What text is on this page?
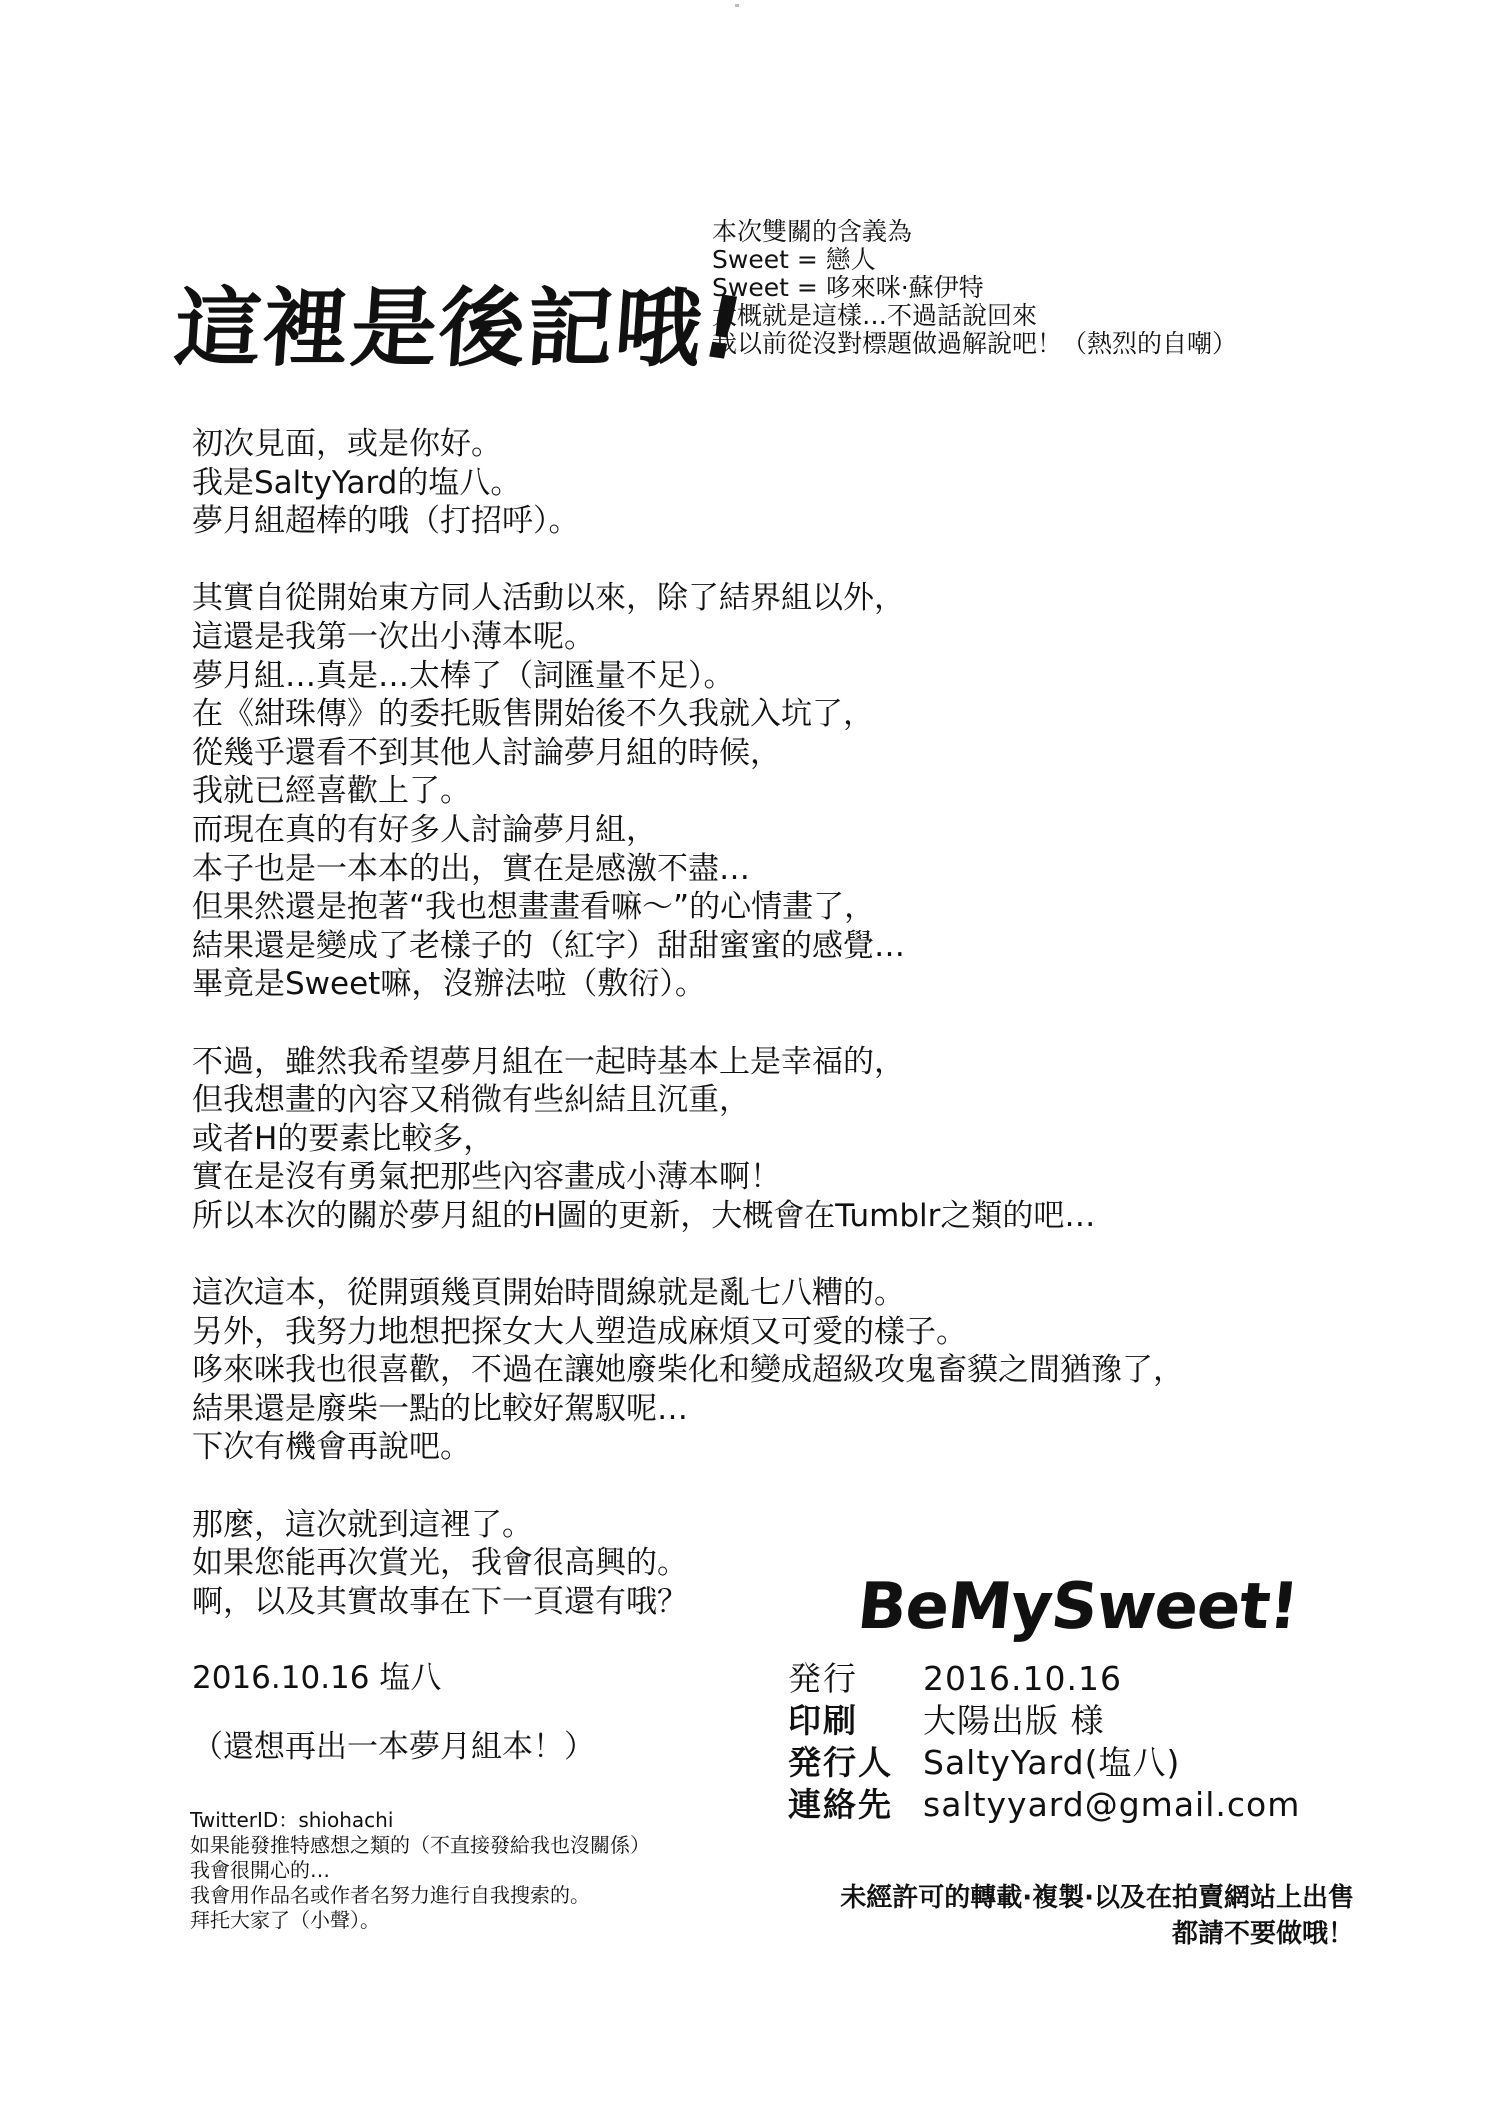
這裡是後記哦!
本次雙關的含義為
Sweet = 戀人
Sweet = 哆來咪·蘇伊特
大概就是這樣…不過話說回來
我以前從沒對標題做過解說吧！（熱烈的自嘲）
初次見面，或是你好。
我是SaltyYard的塩八。
夢月組超棒的哦（打招呼）。
其實自從開始東方同人活動以來，除了結界組以外，
這還是我第一次出小薄本呢。
夢月組…真是…太棒了（詞匯量不足）。
在《紺珠傳》的委托販售開始後不久我就入坑了，
從幾乎還看不到其他人討論夢月組的時候，
我就已經喜歡上了。
而現在真的有好多人討論夢月組，
本子也是一本本的出，實在是感激不盡…
但果然還是抱著“我也想畫畫看嘛～”的心情畫了，
結果還是變成了老樣子的（紅字）甜甜蜜蜜的感覺…
畢竟是Sweet嘛，沒辦法啦（敷衍）。
不過，雖然我希望夢月組在一起時基本上是幸福的，
但我想畫的內容又稍微有些糾結且沉重，
或者H的要素比較多，
實在是沒有勇氣把那些內容畫成小薄本啊！
所以本次的關於夢月組的H圖的更新，大概會在Tumblr之類的吧…
這次這本，從開頭幾頁開始時間線就是亂七八糟的。
另外，我努力地想把探女大人塑造成麻煩又可愛的樣子。
哆來咪我也很喜歡，不過在讓她廢柴化和變成超級攻鬼畜貘之間猶豫了，
結果還是廢柴一點的比較好駕馭呢…
下次有機會再說吧。
那麼，這次就到這裡了。
如果您能再次賞光，我會很高興的。
啊，以及其實故事在下一頁還有哦？
2016.10.16 塩八
（還想再出一本夢月組本！）
TwitterID：shiohachi
如果能發推特感想之類的（不直接發給我也沒關係）
我會很開心的…
我會用作品名或作者名努力進行自我搜索的。
拜托大家了（小聲）。
BeMySweet!
発行	2016.10.16
印刷	大陽出版 様
発行人 SaltyYard(塩八)
連絡先 saltyyard@gmail.com
未經許可的轉載·複製·以及在拍賣網站上出售
都請不要做哦！
